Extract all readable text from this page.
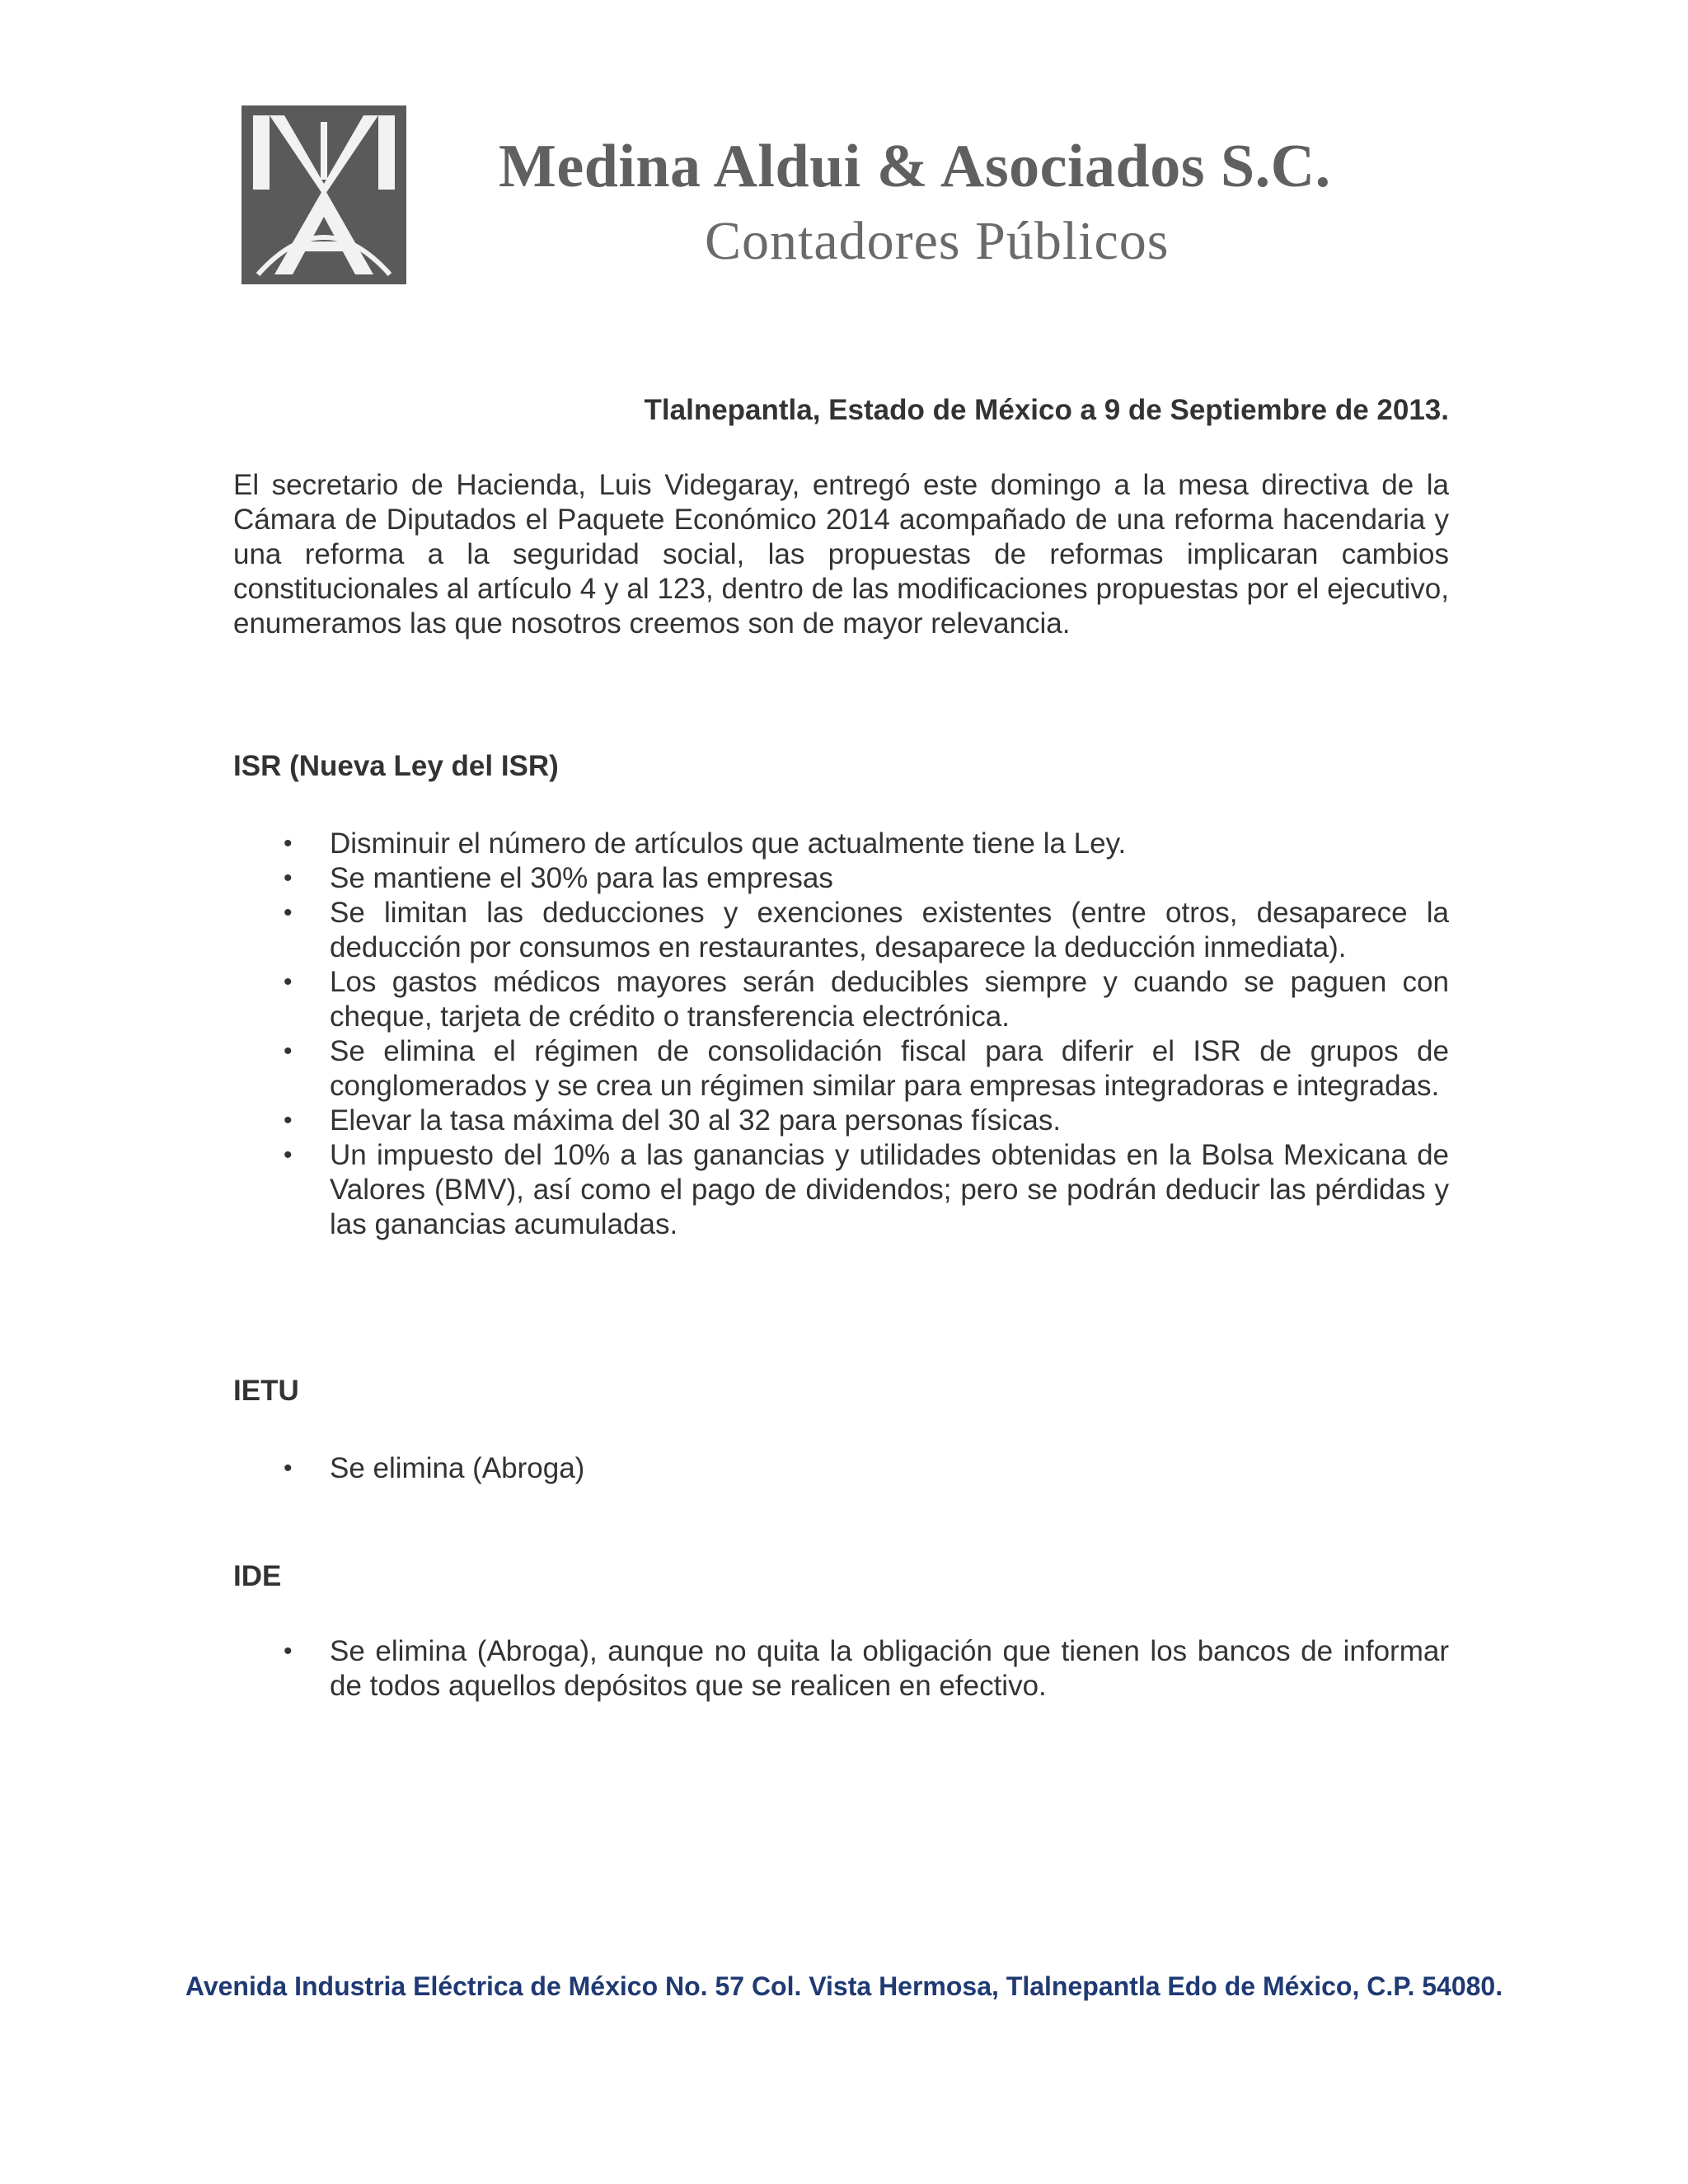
Medina Aldui & Asociados S.C.
Contadores Públicos
Tlalnepantla, Estado de México a 9 de Septiembre de 2013.

El secretario de Hacienda, Luis Videgaray, entregó este domingo a la mesa directiva de la Cámara de Diputados el Paquete Económico 2014 acompañado de una reforma hacendaria y una reforma a la seguridad social, las propuestas de reformas implicaran cambios constitucionales al artículo 4 y al 123, dentro de las modificaciones propuestas por el ejecutivo, enumeramos las que nosotros creemos son de mayor relevancia.

ISR (Nueva Ley del ISR)
• Disminuir el número de artículos que actualmente tiene la Ley.
• Se mantiene el 30% para las empresas
• Se limitan las deducciones y exenciones existentes (entre otros, desaparece la deducción por consumos en restaurantes, desaparece la deducción inmediata).
• Los gastos médicos mayores serán deducibles siempre y cuando se paguen con cheque, tarjeta de crédito o transferencia electrónica.
• Se elimina el régimen de consolidación fiscal para diferir el ISR de grupos de conglomerados y se crea un régimen similar para empresas integradoras e integradas.
• Elevar la tasa máxima del 30 al 32 para personas físicas.
• Un impuesto del 10% a las ganancias y utilidades obtenidas en la Bolsa Mexicana de Valores (BMV), así como el pago de dividendos; pero se podrán deducir las pérdidas y las ganancias acumuladas.
IETU
• Se elimina (Abroga)
IDE
• Se elimina (Abroga), aunque no quita la obligación que tienen los bancos de informar de todos aquellos depósitos que se realicen en efectivo.
Avenida Industria Eléctrica de México No. 57 Col. Vista Hermosa, Tlalnepantla Edo de México, C.P. 54080.
